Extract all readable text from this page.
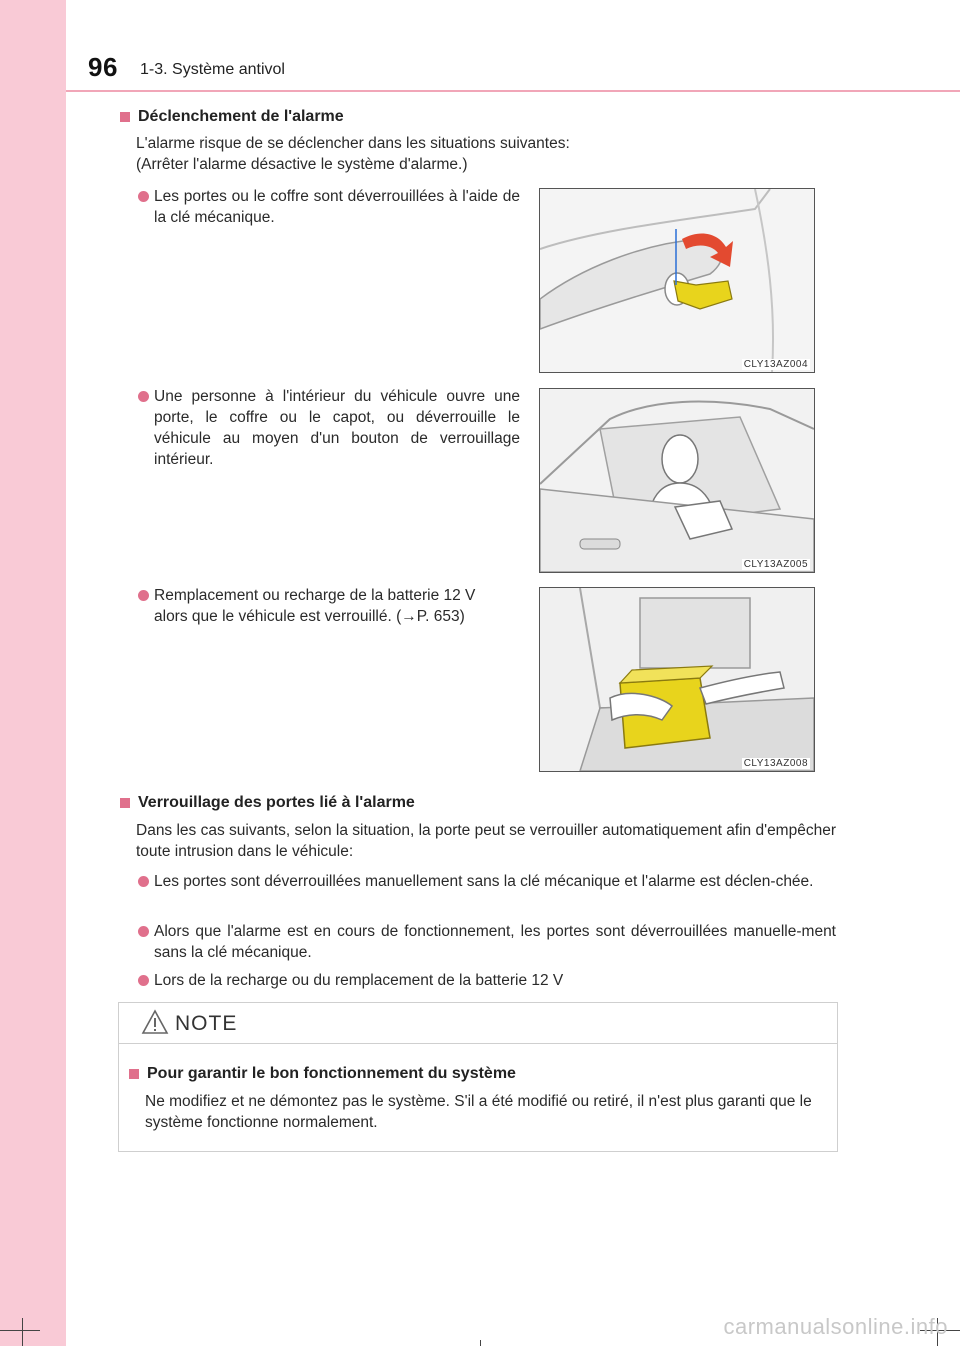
96 1-3. Système antivol
Déclenchement de l'alarme
L'alarme risque de se déclencher dans les situations suivantes:
(Arrêter l'alarme désactive le système d'alarme.)
Les portes ou le coffre sont déverrouillées à l'aide de la clé mécanique.
CLY13AZ004
Une personne à l'intérieur du véhicule ouvre une porte, le coffre ou le capot, ou déverrouille le véhicule au moyen d'un bouton de verrouillage intérieur.
CLY13AZ005
Remplacement ou recharge de la batterie 12 V
alors que le véhicule est verrouillé. (→P. 653)
CLY13AZ008
Verrouillage des portes lié à l'alarme
Dans les cas suivants, selon la situation, la porte peut se verrouiller automatiquement afin d'empêcher toute intrusion dans le véhicule:
Les portes sont déverrouillées manuellement sans la clé mécanique et l'alarme est déclen-chée.
Alors que l'alarme est en cours de fonctionnement, les portes sont déverrouillées manuelle-ment sans la clé mécanique.
Lors de la recharge ou du remplacement de la batterie 12 V
NOTE
Pour garantir le bon fonctionnement du système
Ne modifiez et ne démontez pas le système. S'il a été modifié ou retiré, il n'est plus garanti que le système fonctionne normalement.
carmanualsonline.info
